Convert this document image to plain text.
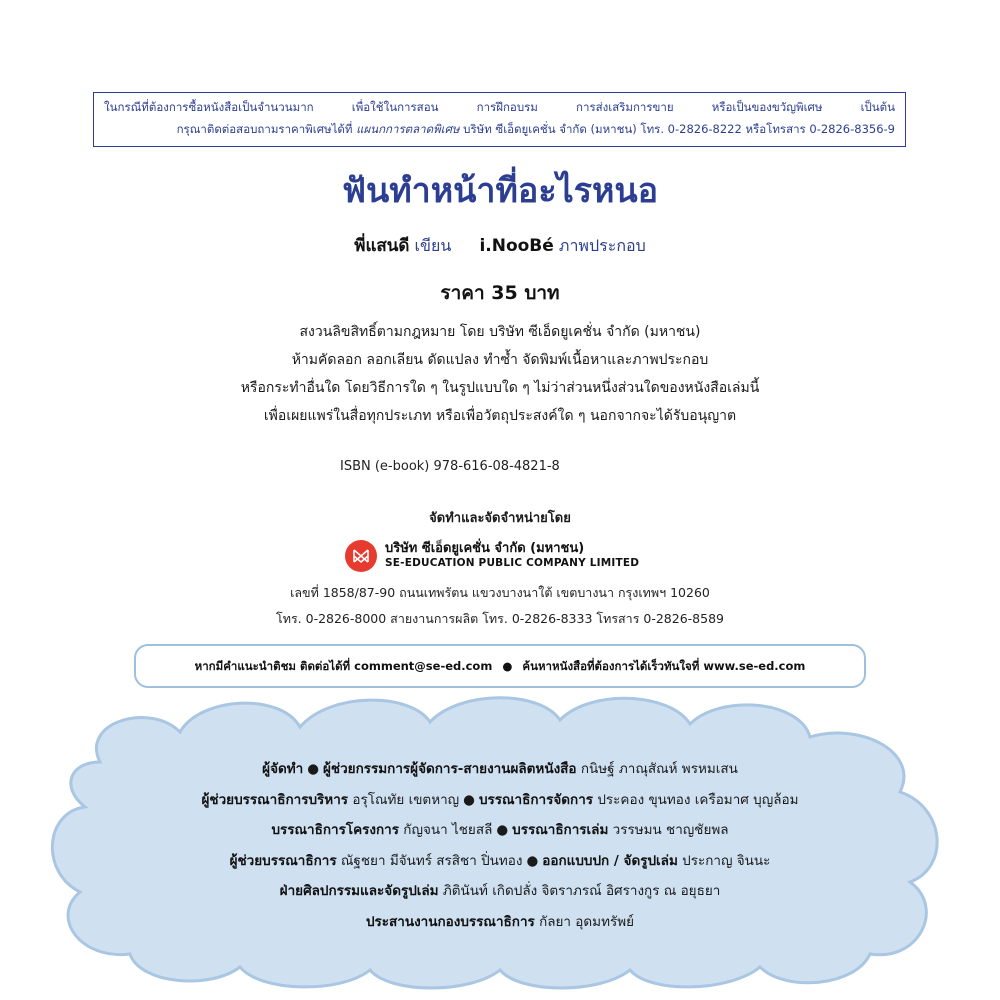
ในกรณีที่ต้องการซื้อหนังสือเป็นจำนวนมาก เพื่อใช้ในการสอน การฝึกอบรม การส่งเสริมการขาย หรือเป็นของขวัญพิเศษ เป็นต้น
กรุณาติดต่อสอบถามราคาพิเศษได้ที่ แผนกการตลาดพิเศษ บริษัท ซีเอ็ดยูเคชั่น จำกัด (มหาชน) โทร. 0-2826-8222 หรือโทรสาร 0-2826-8356-9
ฟันทำหน้าที่อะไรหนอ
พี่แสนดี เขียน i.NooBé ภาพประกอบ
ราคา 35 บาท
สงวนลิขสิทธิ์ตามกฎหมาย โดย บริษัท ซีเอ็ดยูเคชั่น จำกัด (มหาชน)
ห้ามคัดลอก ลอกเลียน ดัดแปลง ทำซ้ำ จัดพิมพ์เนื้อหาและภาพประกอบ
หรือกระทำอื่นใด โดยวิธีการใด ๆ ในรูปแบบใด ๆ ไม่ว่าส่วนหนึ่งส่วนใดของหนังสือเล่มนี้
เพื่อเผยแพร่ในสื่อทุกประเภท หรือเพื่อวัตถุประสงค์ใด ๆ นอกจากจะได้รับอนุญาต
ISBN (e-book) 978-616-08-4821-8
จัดทำและจัดจำหน่ายโดย
บริษัท ซีเอ็ดยูเคชั่น จำกัด (มหาชน)
SE-EDUCATION PUBLIC COMPANY LIMITED
เลขที่ 1858/87-90 ถนนเทพรัตน แขวงบางนาใต้ เขตบางนา กรุงเทพฯ 10260
โทร. 0-2826-8000 สายงานการผลิต โทร. 0-2826-8333 โทรสาร 0-2826-8589
หากมีคำแนะนำติชม ติดต่อได้ที่ comment@se-ed.com ● ค้นหาหนังสือที่ต้องการได้เร็วทันใจที่ www.se-ed.com
ผู้จัดทำ ● ผู้ช่วยกรรมการผู้จัดการ-สายงานผลิตหนังสือ กนิษฐ์ ภาณุสัณห์ พรหมเสน
ผู้ช่วยบรรณาธิการบริหาร อรุโณทัย เขตหาญ ● บรรณาธิการจัดการ ประคอง ขุนทอง เครือมาศ บุญล้อม
บรรณาธิการโครงการ กัญจนา ไชยสลี ● บรรณาธิการเล่ม วรรษมน ชาญชัยพล
ผู้ช่วยบรรณาธิการ ณัฐชยา มีจันทร์ สรสิชา ปิ่นทอง ● ออกแบบปก / จัดรูปเล่ม ประกาญ จินนะ
ฝ่ายศิลปกรรมและจัดรูปเล่ม ภิตินันท์ เกิดปลั่ง จิตราภรณ์ อิศรางกูร ณ อยุธยา
ประสานงานกองบรรณาธิการ กัลยา อุดมทรัพย์
